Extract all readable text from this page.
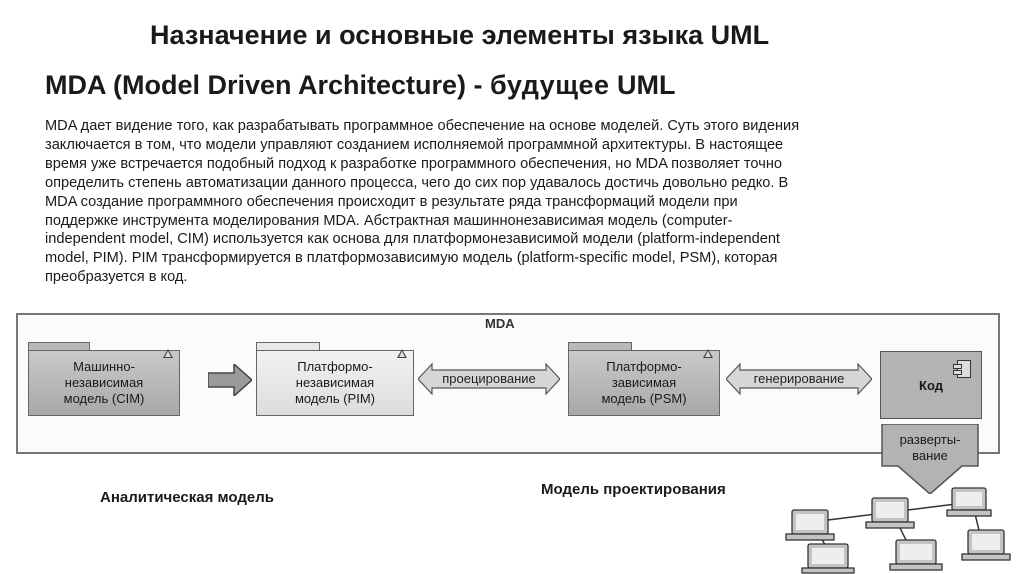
Назначение и основные элементы языка UML
MDA (Model Driven Architecture) - будущее UML

MDA дает видение того, как разрабатывать программное обеспечение на основе моделей. Суть этого видения

заключается в том, что модели управляют созданием исполняемой программной архитектуры. В настоящее

время уже встречается подобный подход к разработке программного обеспечения, но MDA позволяет точно

определить степень автоматизации данного процесса, чего до сих пор удавалось достичь довольно редко. В

MDA создание программного обеспечения происходит в результате ряда трансформаций модели при

поддержке инструмента моделирования MDA. Абстрактная машиннонезависимая модель (computer-

independent model, CIM) используется как основа для платформонезависимой модели (platform-independent

model, PIM). PIM трансформируется в платформозависимую модель (platform-specific model, PSM), которая

преобразуется в код.

MDA
Машинно-
независимая
модель (CIM)
Платформо-
независимая
модель (PIM)
проецирование
Платформо-
зависимая
модель (PSM)
генерирование	Код
разверты-
вание
Аналитическая модель	Модель проектирования
